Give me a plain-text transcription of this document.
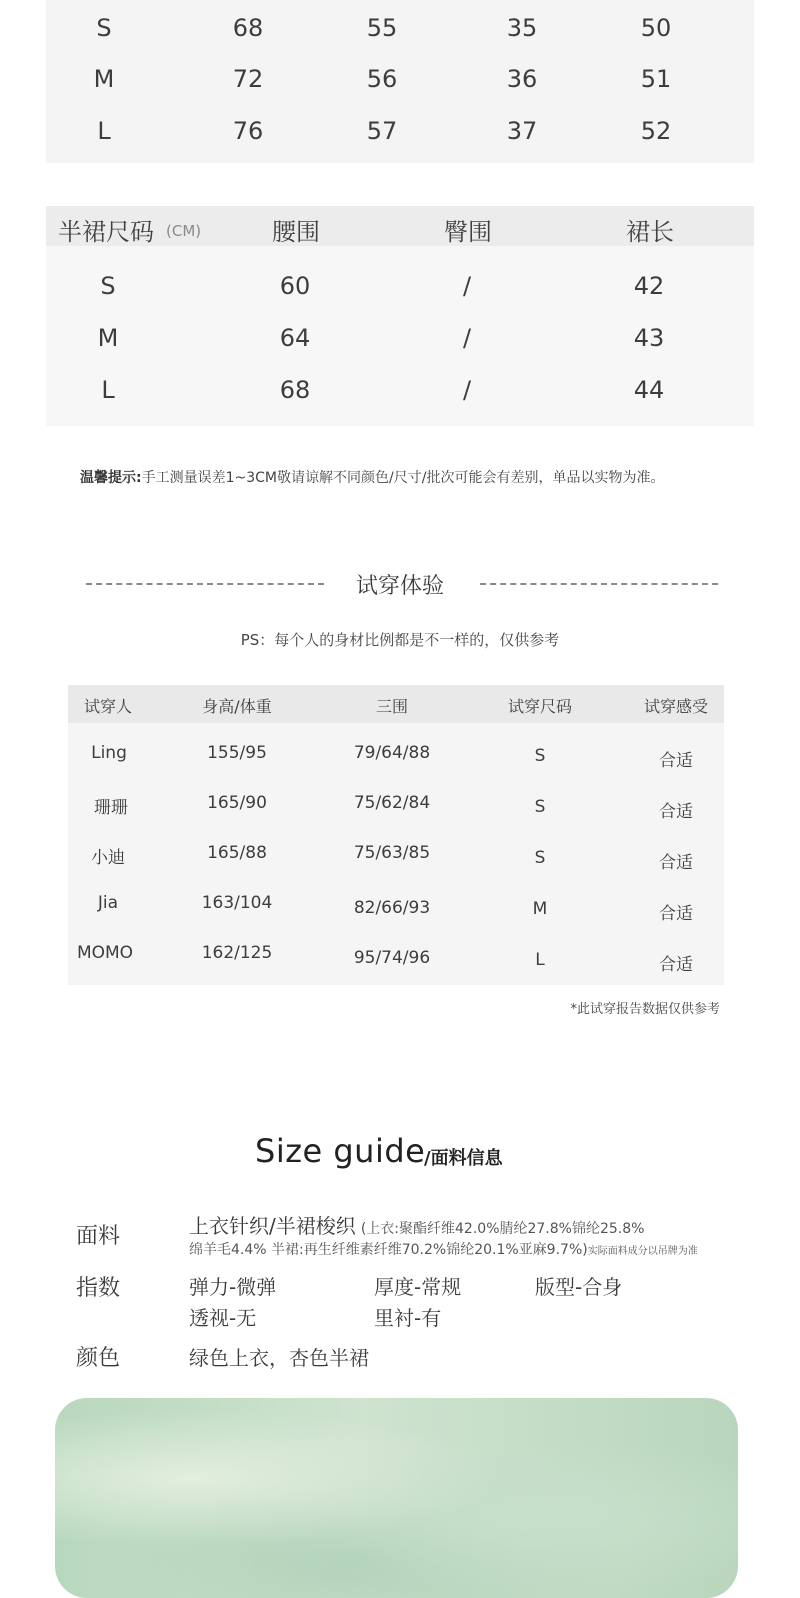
S	68	55	35	50
M	72	56	36	51
L	76	57	37	52
半裙尺码 (CM)	腰围	臀围	裙长
S	60	/	42
M	64	/	43
L	68	/	44
温馨提示:手工测量误差1~3CM敬请谅解不同颜色/尺寸/批次可能会有差别，单品以实物为准。
试穿体验
PS：每个人的身材比例都是不一样的，仅供参考
试穿人	身高/体重	三围	试穿尺码	试穿感受
Ling	155/95	79/64/88	S	合适
珊珊	165/90	75/62/84	S	合适
小迪	165/88	75/63/85	S	合适
Jia	163/104	82/66/93	M	合适
MOMO	162/125	95/74/96	L	合适
*此试穿报告数据仅供参考
Size guide
/面料信息
面料	上衣针织/半裙梭织 (上衣:聚酯纤维42.0%腈纶27.8%锦纶25.8%
绵羊毛4.4% 半裙:再生纤维素纤维70.2%锦纶20.1%亚麻9.7%)实际面料成分以吊牌为准
指数	弹力-微弹	厚度-常规	版型-合身
透视-无	里衬-有
颜色	绿色上衣，杏色半裙
